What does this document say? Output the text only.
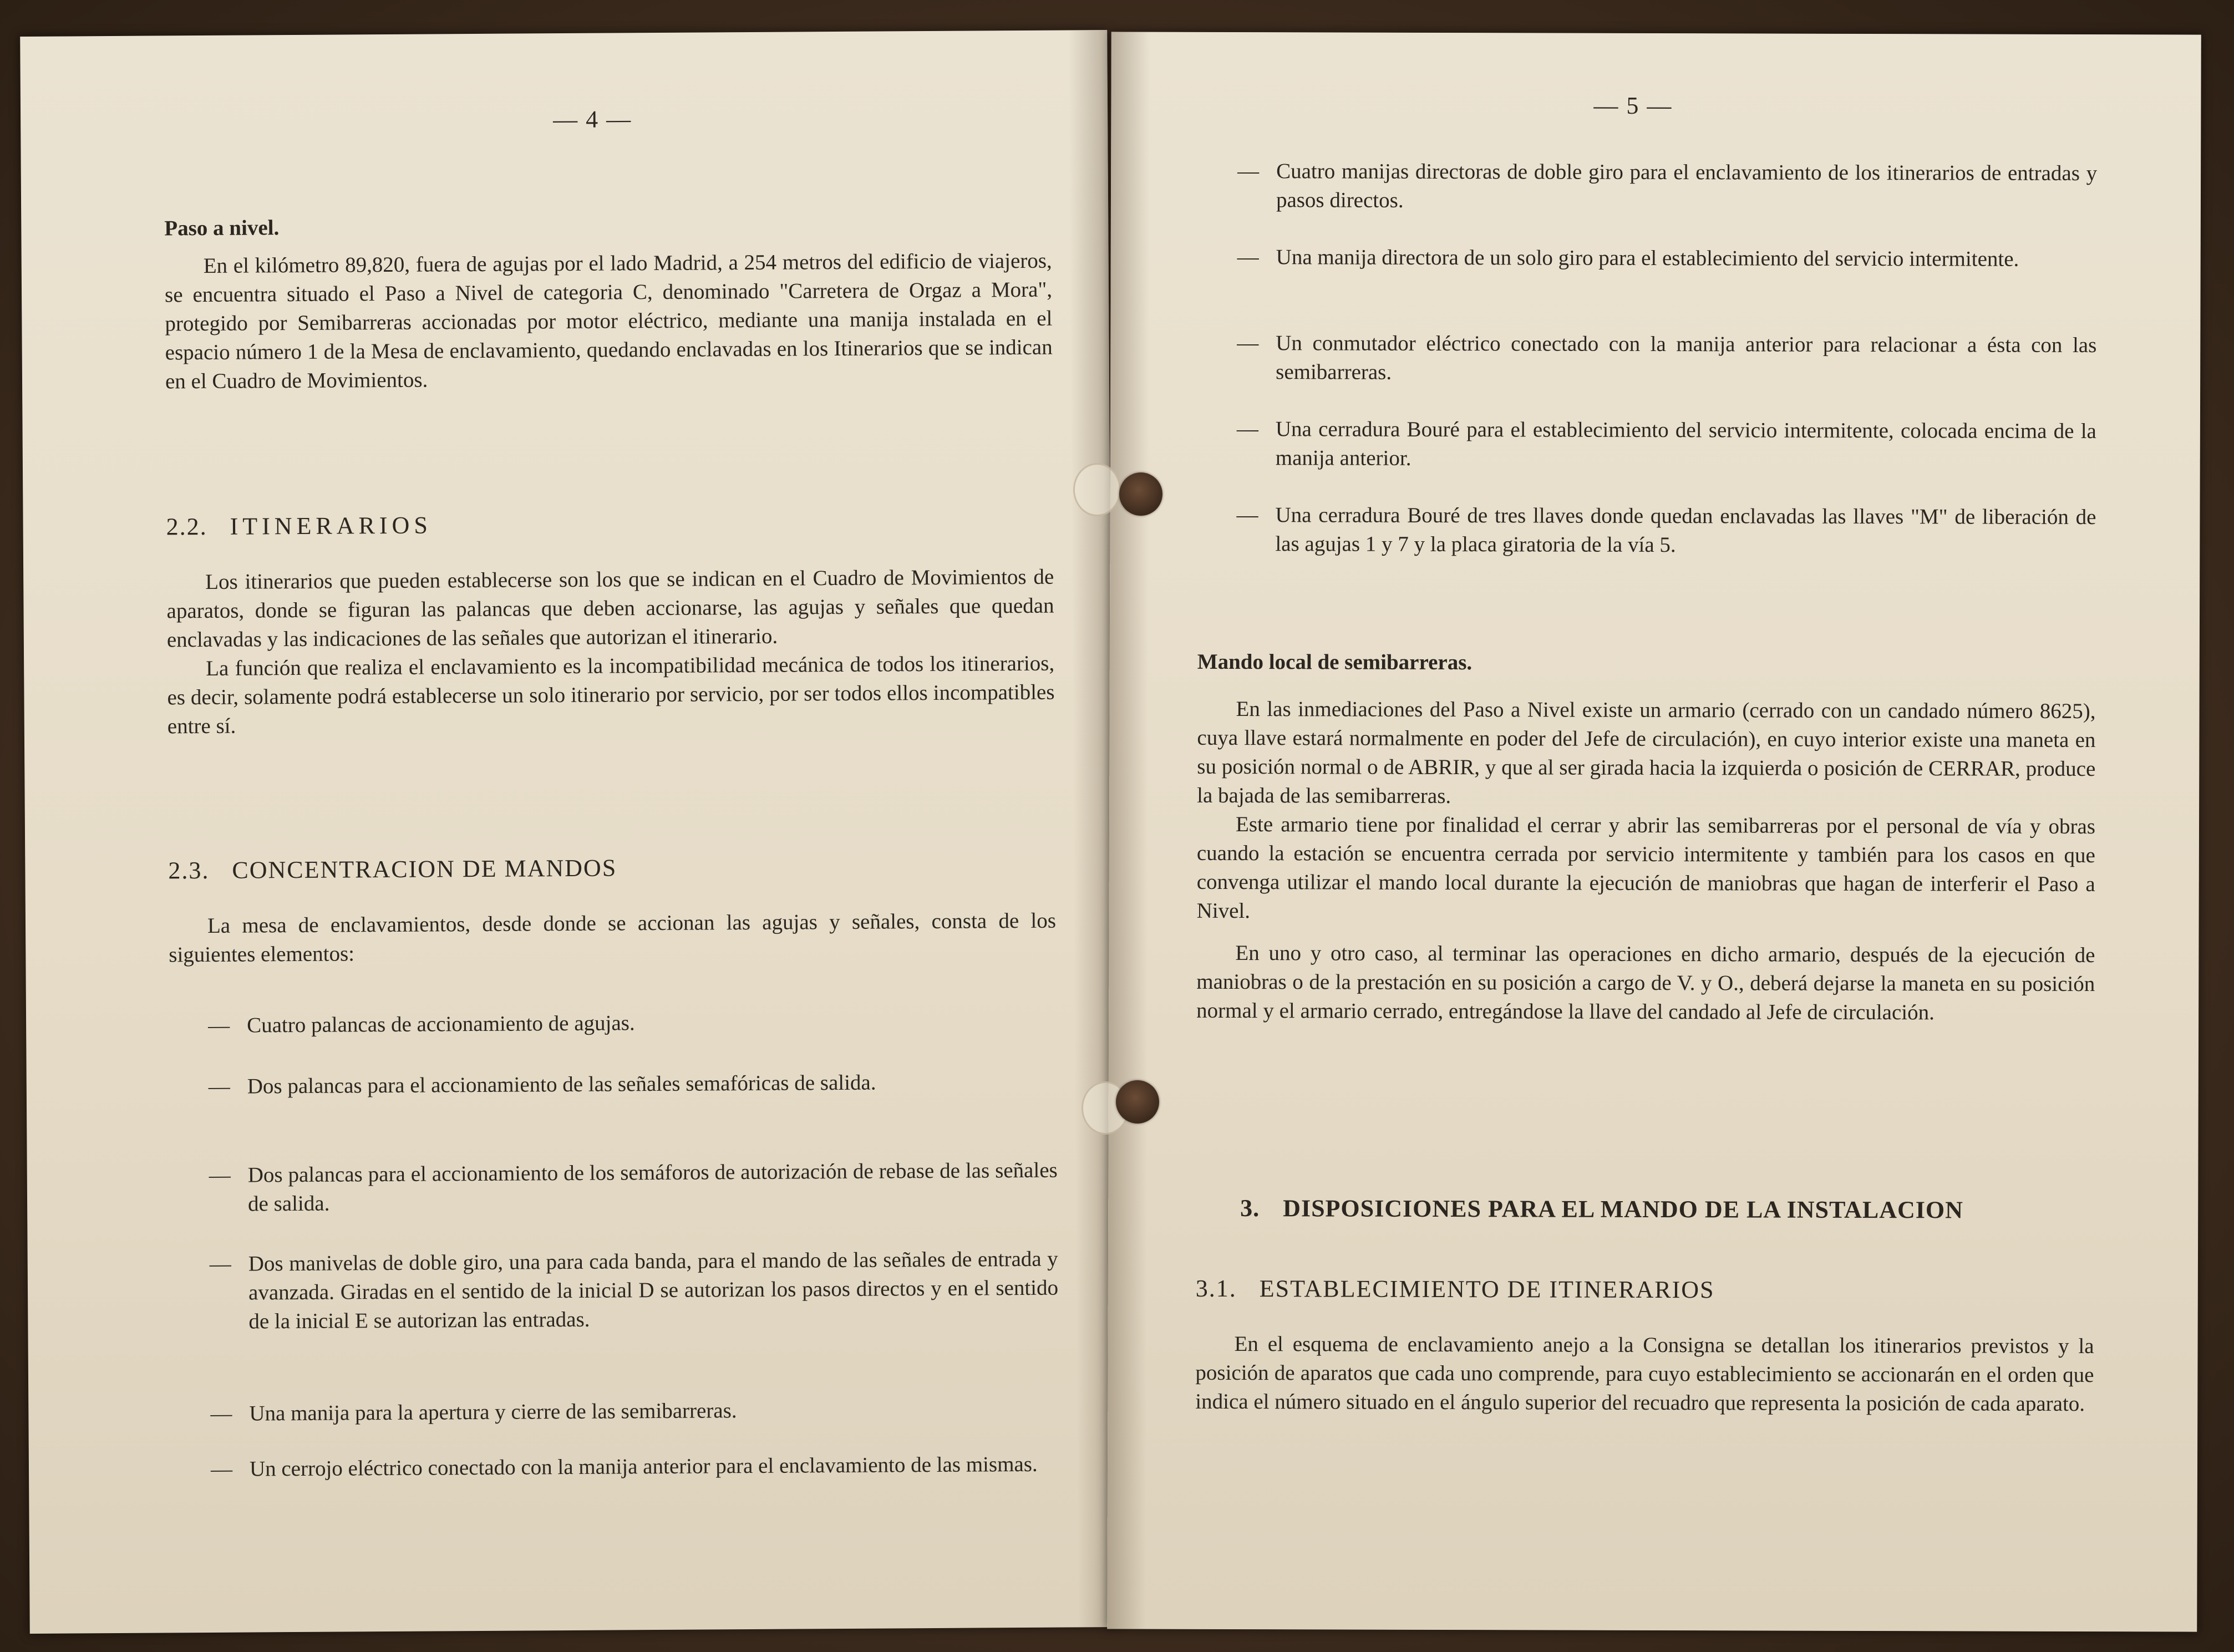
— 4 —
Paso a nivel.

En el kilómetro 89,820, fuera de agujas por el lado Madrid, a 254 metros del edificio de viajeros, se encuentra situado el Paso a Nivel de categoria C, denominado "Carretera de Orgaz a Mora", protegido por Semibarreras accionadas por motor eléctrico, mediante una manija instalada en el espacio número 1 de la Mesa de enclavamiento, quedando enclavadas en los Itinerarios que se indican en el Cuadro de Movimientos.

2.2. ITINERARIOS

Los itinerarios que pueden establecerse son los que se indican en el Cuadro de Movimientos de aparatos, donde se figuran las palancas que deben accionarse, las agujas y señales que quedan enclavadas y las indicaciones de las señales que autorizan el itinerario.

La función que realiza el enclavamiento es la incompatibilidad mecánica de todos los itinerarios, es decir, solamente podrá establecerse un solo itinerario por servicio, por ser todos ellos incompatibles entre sí.

2.3. CONCENTRACION DE MANDOS

La mesa de enclavamientos, desde donde se accionan las agujas y señales, consta de los siguientes elementos:

— Cuatro palancas de accionamiento de agujas.
— Dos palancas para el accionamiento de las señales semafóricas de salida.
— Dos palancas para el accionamiento de los semáforos de autorización de rebase de las señales de salida.
— Dos manivelas de doble giro, una para cada banda, para el mando de las señales de entrada y avanzada. Giradas en el sentido de la inicial D se autorizan los pasos directos y en el sentido de la inicial E se autorizan las entradas.
— Una manija para la apertura y cierre de las semibarreras.
— Un cerrojo eléctrico conectado con la manija anterior para el enclavamiento de las mismas.
— 5 —
— Cuatro manijas directoras de doble giro para el enclavamiento de los itinerarios de entradas y pasos directos.
— Una manija directora de un solo giro para el establecimiento del servicio intermitente.
— Un conmutador eléctrico conectado con la manija anterior para relacionar a ésta con las semibarreras.
— Una cerradura Bouré para el establecimiento del servicio intermitente, colocada encima de la manija anterior.
— Una cerradura Bouré de tres llaves donde quedan enclavadas las llaves "M" de liberación de las agujas 1 y 7 y la placa giratoria de la vía 5.
Mando local de semibarreras.

En las inmediaciones del Paso a Nivel existe un armario (cerrado con un candado número 8625), cuya llave estará normalmente en poder del Jefe de circulación), en cuyo interior existe una maneta en su posición normal o de ABRIR, y que al ser girada hacia la izquierda o posición de CERRAR, produce la bajada de las semibarreras.

Este armario tiene por finalidad el cerrar y abrir las semibarreras por el personal de vía y obras cuando la estación se encuentra cerrada por servicio intermitente y también para los casos en que convenga utilizar el mando local durante la ejecución de maniobras que hagan de interferir el Paso a Nivel.

En uno y otro caso, al terminar las operaciones en dicho armario, después de la ejecución de maniobras o de la prestación en su posición a cargo de V. y O., deberá dejarse la maneta en su posición normal y el armario cerrado, entregándose la llave del candado al Jefe de circulación.

3. DISPOSICIONES PARA EL MANDO DE LA INSTALACION
3.1. ESTABLECIMIENTO DE ITINERARIOS

En el esquema de enclavamiento anejo a la Consigna se detallan los itinerarios previstos y la posición de aparatos que cada uno comprende, para cuyo establecimiento se accionarán en el orden que indica el número situado en el ángulo superior del recuadro que representa la posición de cada aparato.
